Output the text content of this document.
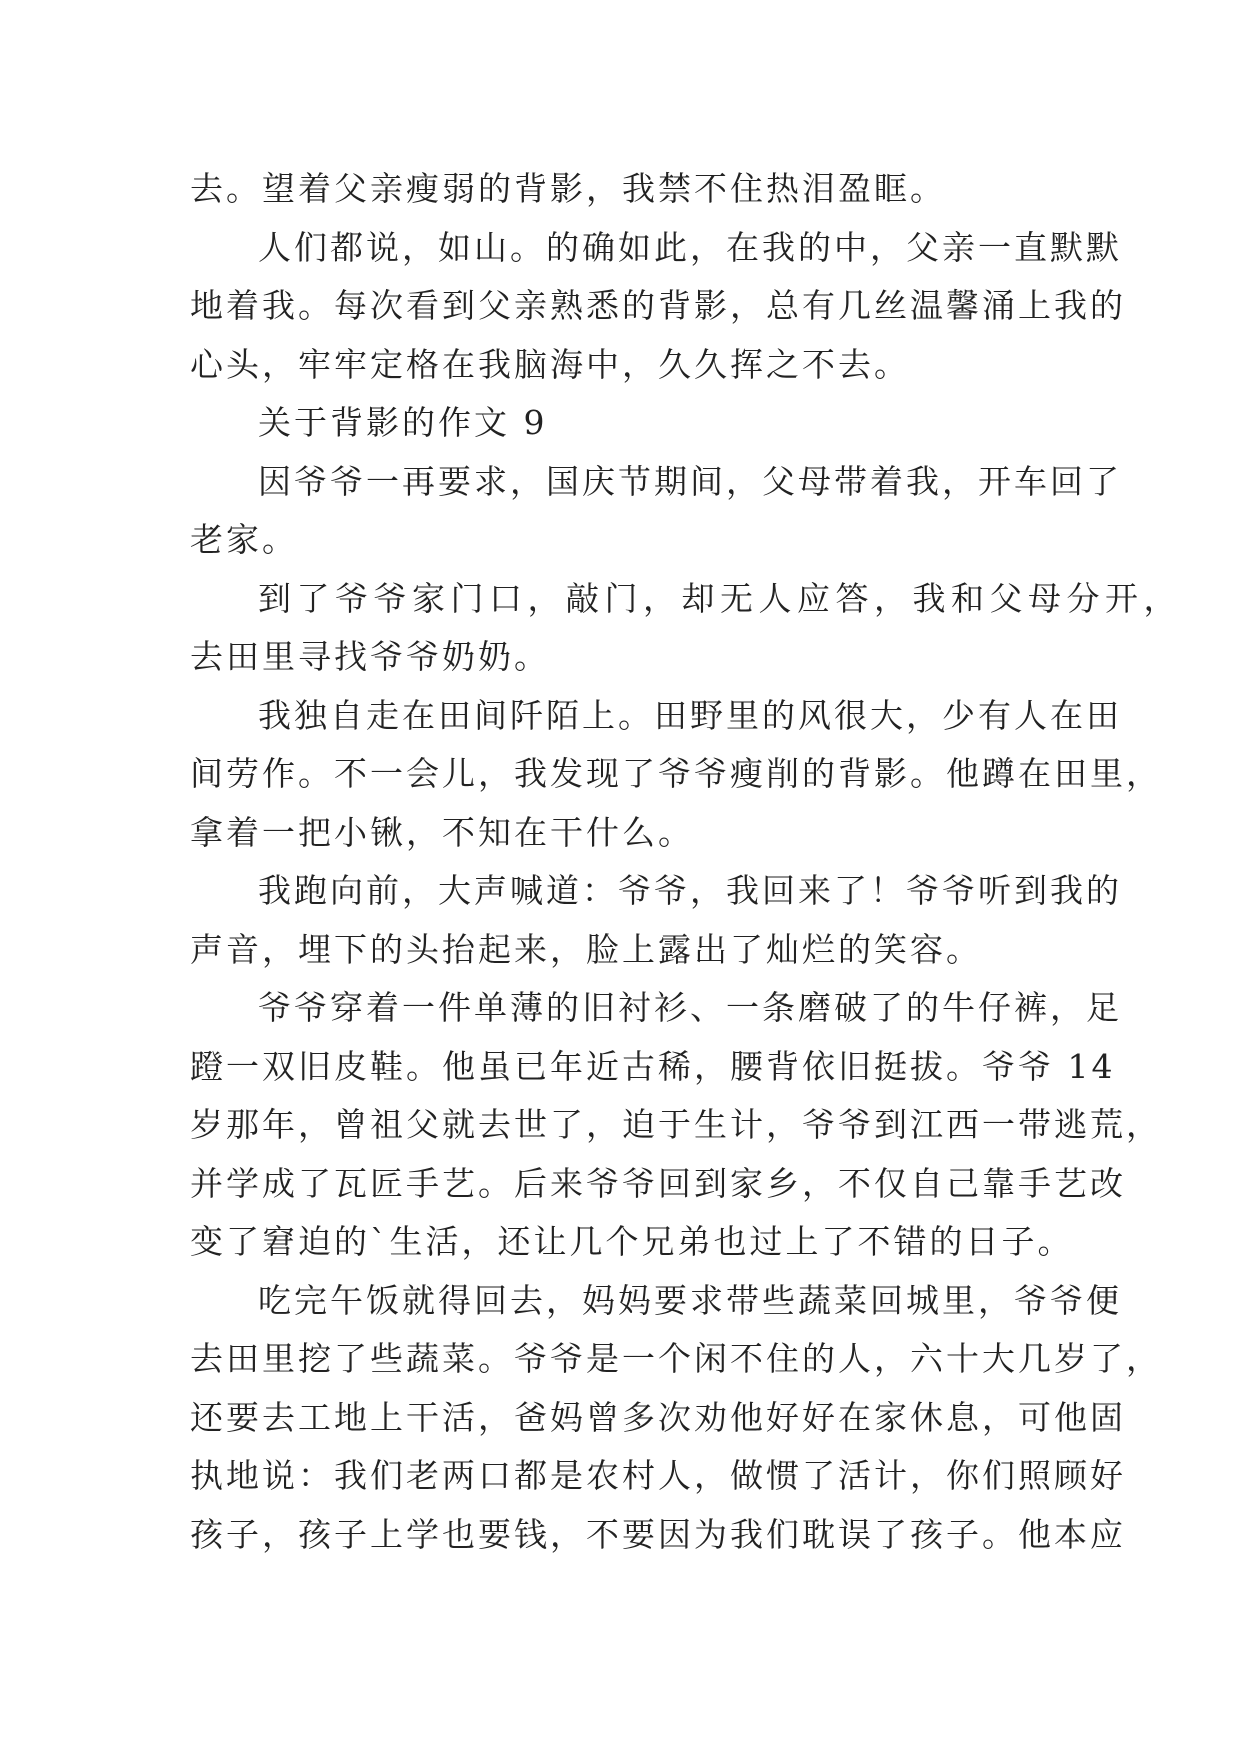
去。望着父亲瘦弱的背影，我禁不住热泪盈眶。
人们都说，如山。的确如此，在我的中，父亲一直默默
地着我。每次看到父亲熟悉的背影，总有几丝温馨涌上我的
心头，牢牢定格在我脑海中，久久挥之不去。
关于背影的作文 9
因爷爷一再要求，国庆节期间，父母带着我，开车回了
老家。
到了爷爷家门口，敲门，却无人应答，我和父母分开，
去田里寻找爷爷奶奶。
我独自走在田间阡陌上。田野里的风很大，少有人在田
间劳作。不一会儿，我发现了爷爷瘦削的背影。他蹲在田里，
拿着一把小锹，不知在干什么。
我跑向前，大声喊道：爷爷，我回来了！爷爷听到我的
声音，埋下的头抬起来，脸上露出了灿烂的笑容。
爷爷穿着一件单薄的旧衬衫、一条磨破了的牛仔裤，足
蹬一双旧皮鞋。他虽已年近古稀，腰背依旧挺拔。爷爷 14
岁那年，曾祖父就去世了，迫于生计，爷爷到江西一带逃荒，
并学成了瓦匠手艺。后来爷爷回到家乡，不仅自己靠手艺改
变了窘迫的`生活，还让几个兄弟也过上了不错的日子。
吃完午饭就得回去，妈妈要求带些蔬菜回城里，爷爷便
去田里挖了些蔬菜。爷爷是一个闲不住的人，六十大几岁了，
还要去工地上干活，爸妈曾多次劝他好好在家休息，可他固
执地说：我们老两口都是农村人，做惯了活计，你们照顾好
孩子，孩子上学也要钱，不要因为我们耽误了孩子。他本应
